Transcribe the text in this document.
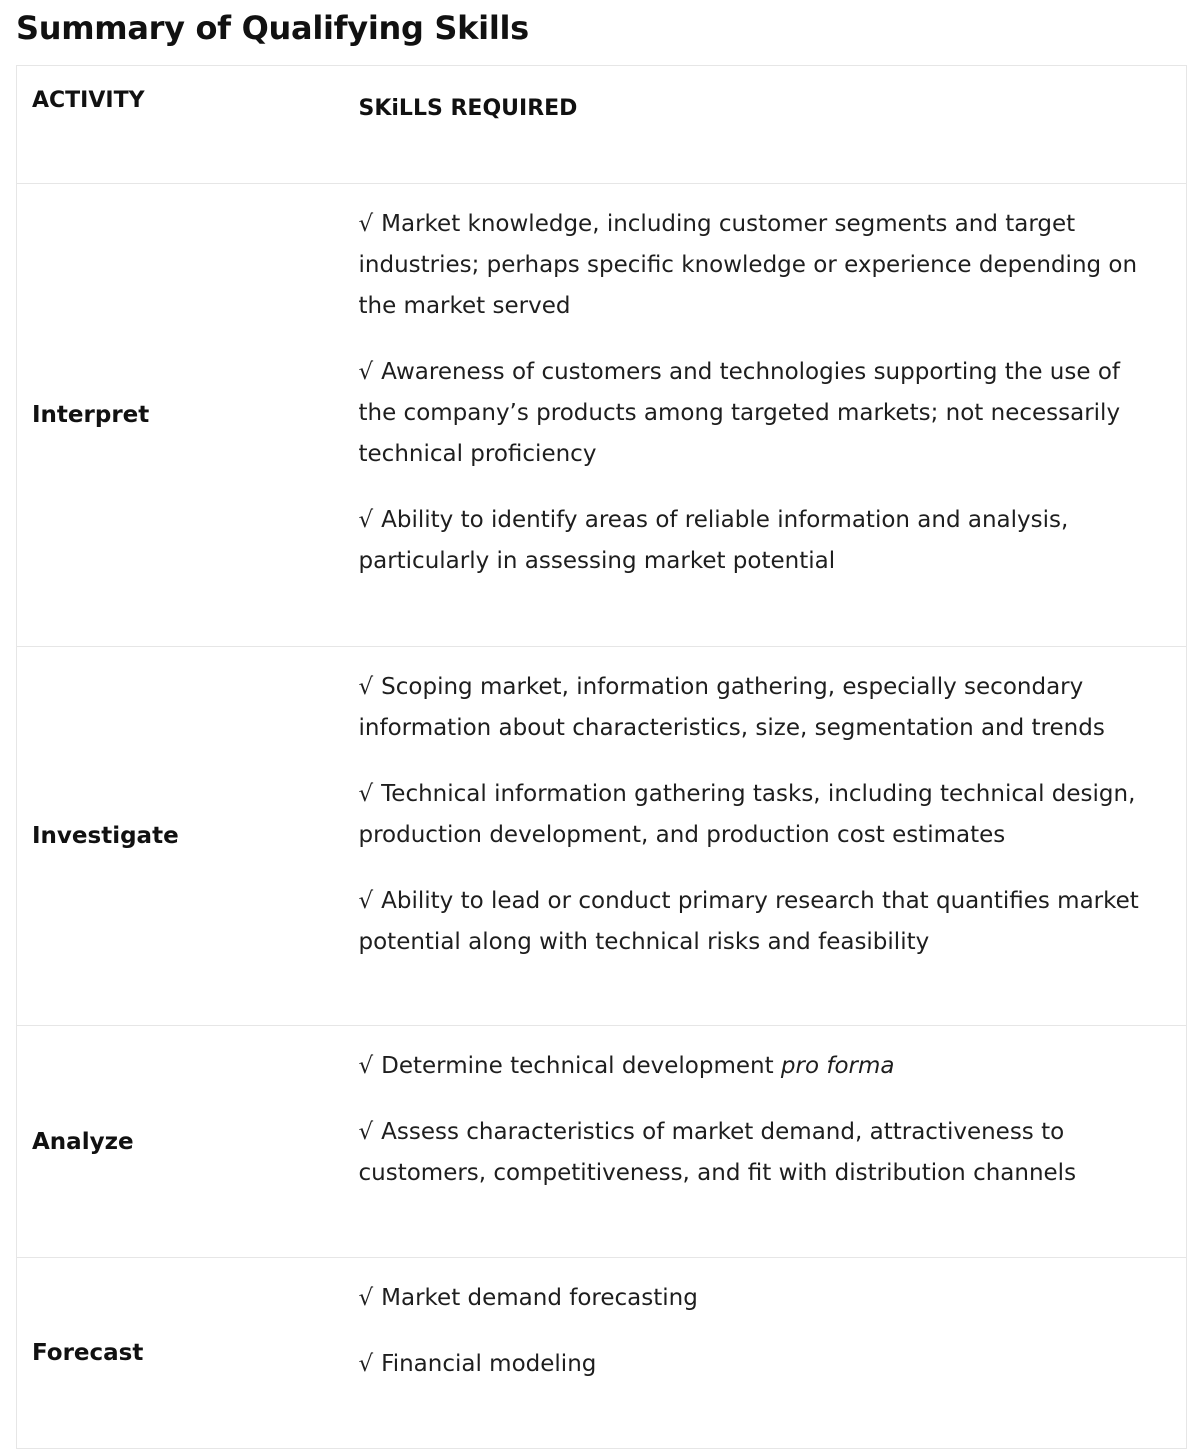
Summary of Qualifying Skills
ACTIVITY	SKiLLS REQUIRED
Interpret	√ Market knowledge, including customer segments and target industries; perhaps specific knowledge or experience depending on the market served
√ Awareness of customers and technologies supporting the use of the company’s products among targeted markets; not necessarily technical proficiency
√ Ability to identify areas of reliable information and analysis, particularly in assessing market potential

Investigate	√ Scoping market, information gathering, especially secondary information about characteristics, size, segmentation and trends
√ Technical information gathering tasks, including technical design, production development, and production cost estimates
√ Ability to lead or conduct primary research that quantifies market potential along with technical risks and feasibility

Analyze	√ Determine technical development pro forma
√ Assess characteristics of market demand, attractiveness to customers, competitiveness, and fit with distribution channels

Forecast	√ Market demand forecasting
√ Financial modeling
